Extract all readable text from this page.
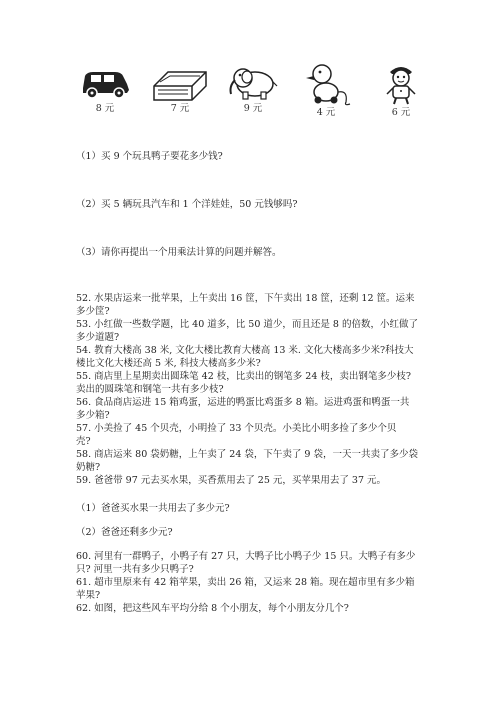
8 元	7 元	9 元	4 元	6 元
（1）买 9 个玩具鸭子要花多少钱?
（2）买 5 辆玩具汽车和 1 个洋娃娃，50 元钱够吗?
（3）请你再提出一个用乘法计算的问题并解答。
52. 水果店运来一批苹果，上午卖出 16 筐，下午卖出 18 筐，还剩 12 筐。运来
多少筐?
53. 小红做一些数学题，比 40 道多，比 50 道少，而且还是 8 的倍数，小红做了
多少道题?
54. 教育大楼高 38 米, 文化大楼比教育大楼高 13 米. 文化大楼高多少米?科技大
楼比文化大楼还高 5 米, 科技大楼高多少米?
55. 商店里上星期卖出圆珠笔 42 枝，比卖出的钢笔多 24 枝，卖出钢笔多少枝?
卖出的圆珠笔和钢笔一共有多少枝?
56. 食品商店运进 15 箱鸡蛋，运进的鸭蛋比鸡蛋多 8 箱。运进鸡蛋和鸭蛋一共
多少箱?
57. 小美捡了 45 个贝壳，小明捡了 33 个贝壳。小美比小明多捡了多少个贝
壳?
58. 商店运来 80 袋奶糖，上午卖了 24 袋，下午卖了 9 袋，一天一共卖了多少袋
奶糖?
59. 爸爸带 97 元去买水果，买香蕉用去了 25 元，买苹果用去了 37 元。
（1）爸爸买水果一共用去了多少元?
（2）爸爸还剩多少元?
60. 河里有一群鸭子，小鸭子有 27 只，大鸭子比小鸭子少 15 只。大鸭子有多少
只? 河里一共有多少只鸭子?
61. 超市里原来有 42 箱苹果，卖出 26 箱，又运来 28 箱。现在超市里有多少箱
苹果?
62. 如图，把这些风车平均分给 8 个小朋友，每个小朋友分几个?
